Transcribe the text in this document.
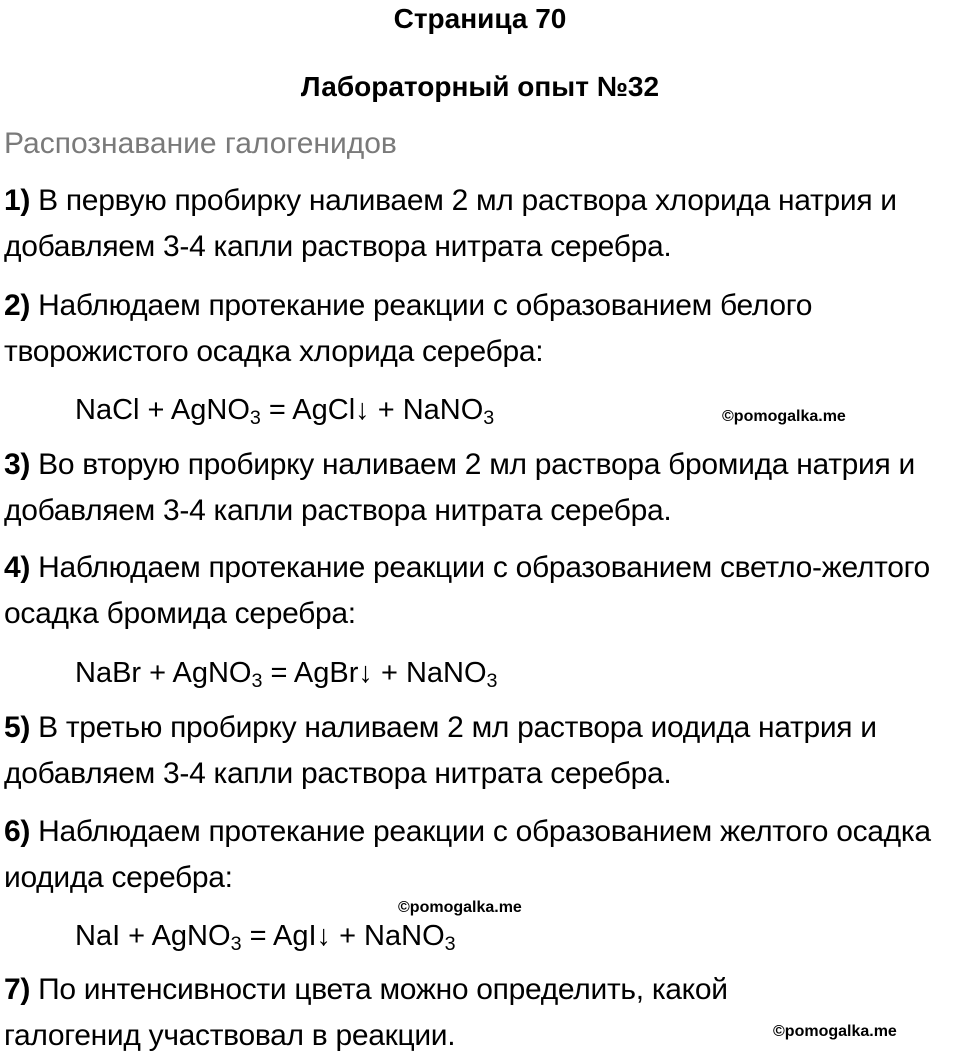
Страница 70
Лабораторный опыт №32

Распознавание галогенидов

1) В первую пробирку наливаем 2 мл раствора хлорида натрия и добавляем 3-4 капли раствора нитрата серебра.

2) Наблюдаем протекание реакции с образованием белого творожистого осадка хлорида серебра:

NaCl + AgNO$_3$ = AgCl↓ + NaNO$_3$	©pomogalka.me

3) Во вторую пробирку наливаем 2 мл раствора бромида натрия и добавляем 3-4 капли раствора нитрата серебра.

4) Наблюдаем протекание реакции с образованием светло-желтого осадка бромида серебра:

NaBr + AgNO$_3$ = AgBr↓ + NaNO$_3$

5) В третью пробирку наливаем 2 мл раствора иодида натрия и добавляем 3-4 капли раствора нитрата серебра.

6) Наблюдаем протекание реакции с образованием желтого осадка иодида серебра:

©pomogalka.me

NaI + AgNO$_3$ = AgI↓ + NaNO$_3$

7) По интенсивности цвета можно определить, какой галогенид участвовал в реакции.	©pomogalka.me
